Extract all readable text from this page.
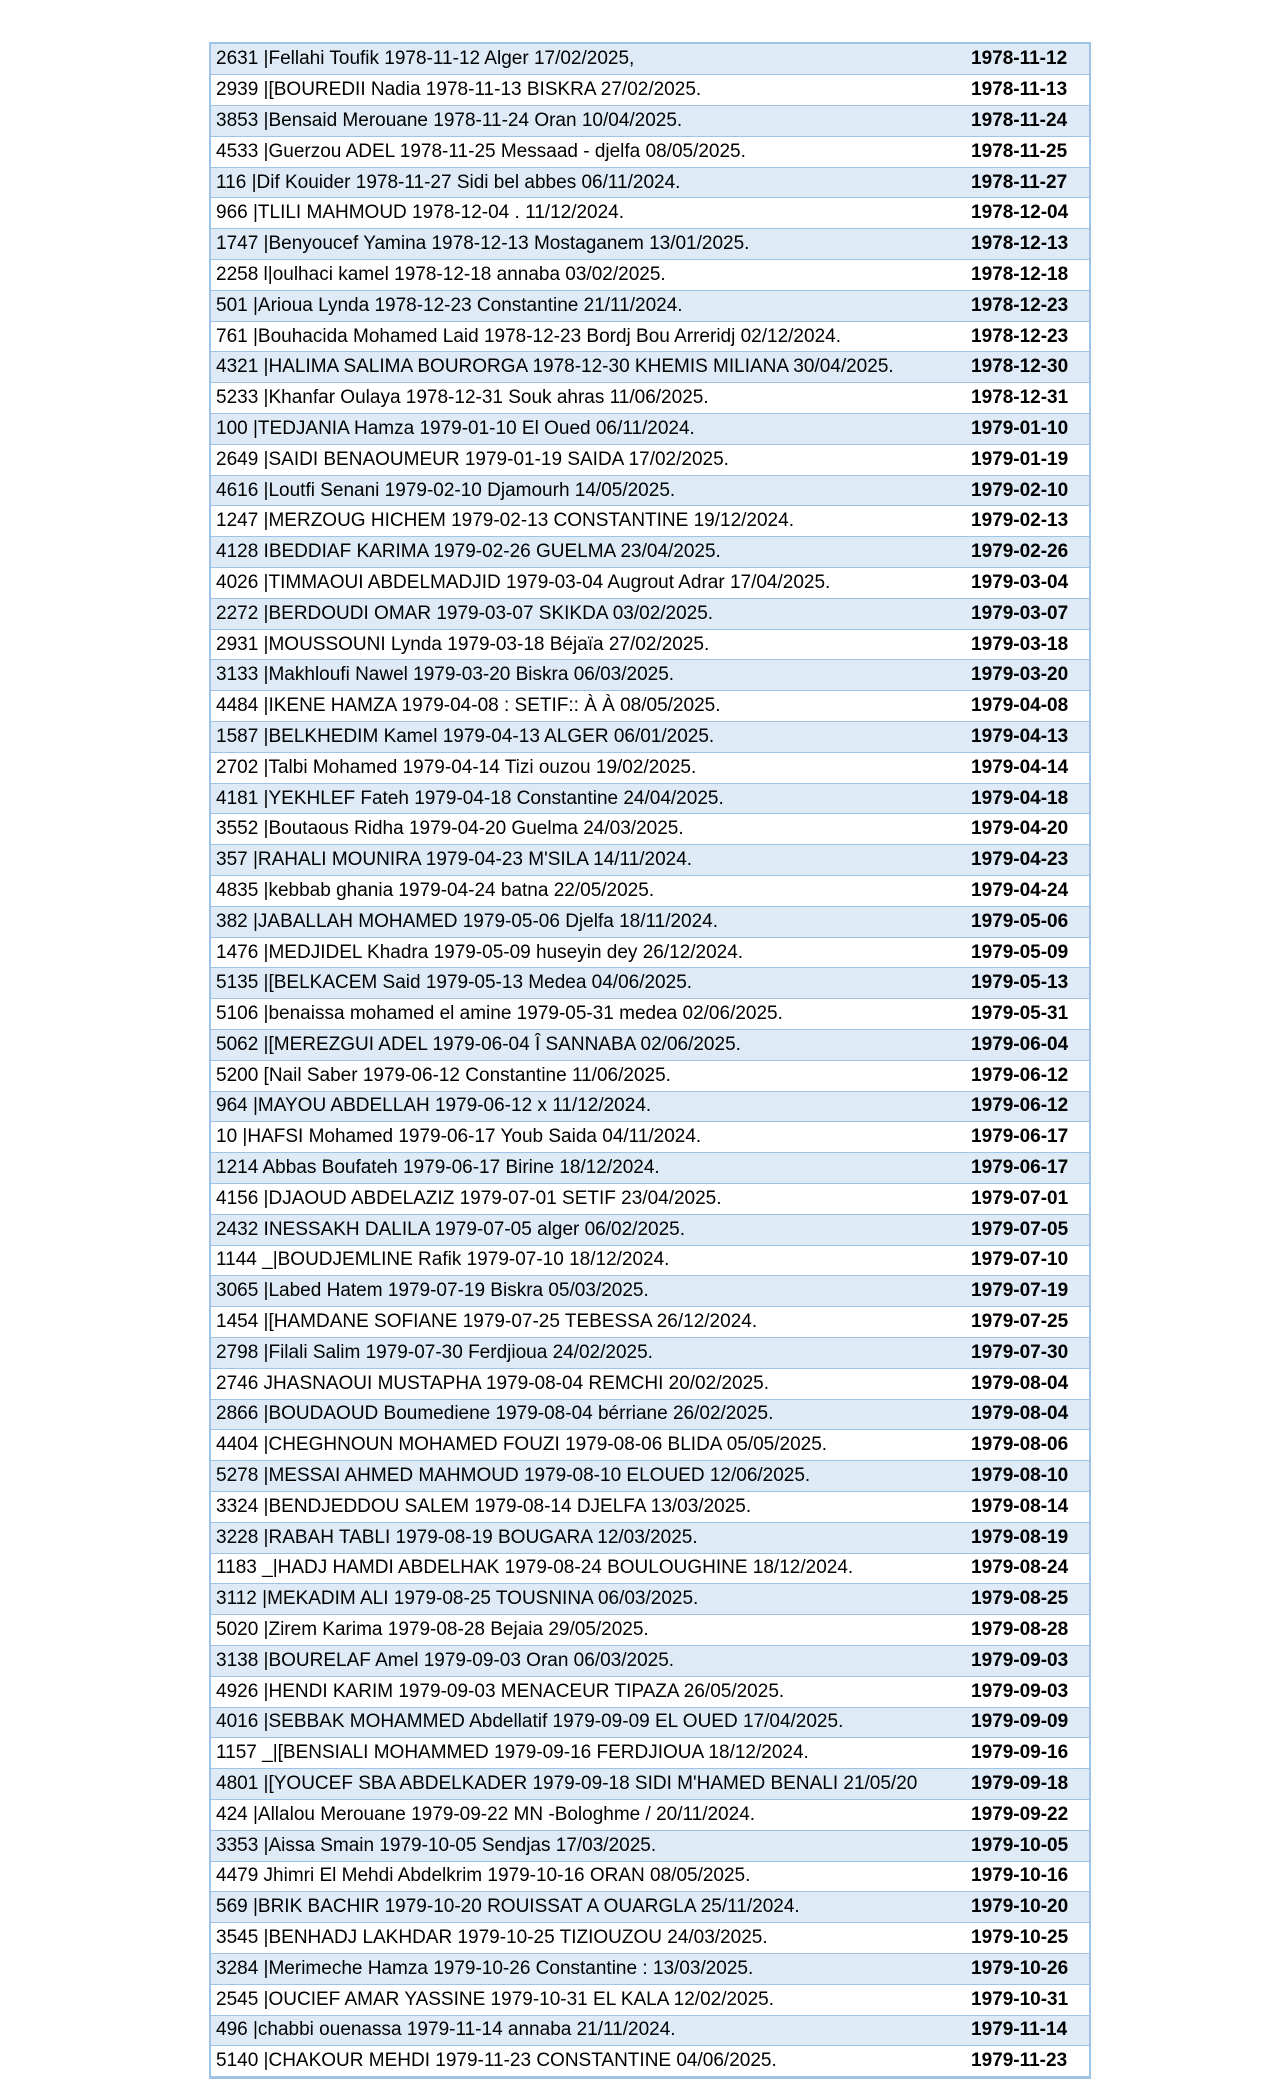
2631 |Fellahi Toufik 1978-11-12 Alger 17/02/2025,	1978-11-12
2939 |[BOUREDII Nadia 1978-11-13 BISKRA 27/02/2025.	1978-11-13
3853 |Bensaid Merouane 1978-11-24 Oran 10/04/2025.	1978-11-24
4533 |Guerzou ADEL 1978-11-25 Messaad - djelfa 08/05/2025.	1978-11-25
116 |Dif Kouider 1978-11-27 Sidi bel abbes 06/11/2024.	1978-11-27
966 |TLILI MAHMOUD 1978-12-04 . 11/12/2024.	1978-12-04
1747 |Benyoucef Yamina 1978-12-13 Mostaganem 13/01/2025.	1978-12-13
2258 l|oulhaci kamel 1978-12-18 annaba 03/02/2025.	1978-12-18
501 |Arioua Lynda 1978-12-23 Constantine 21/11/2024.	1978-12-23
761 |Bouhacida Mohamed Laid 1978-12-23 Bordj Bou Arreridj 02/12/2024.	1978-12-23
4321 |HALIMA SALIMA BOURORGA 1978-12-30 KHEMIS MILIANA 30/04/2025.	1978-12-30
5233 |Khanfar Oulaya 1978-12-31 Souk ahras 11/06/2025.	1978-12-31
100 |TEDJANIA Hamza 1979-01-10 El Oued 06/11/2024.	1979-01-10
2649 |SAIDI BENAOUMEUR 1979-01-19 SAIDA 17/02/2025.	1979-01-19
4616 |Loutfi Senani 1979-02-10 Djamourh 14/05/2025.	1979-02-10
1247 |MERZOUG HICHEM 1979-02-13 CONSTANTINE 19/12/2024.	1979-02-13
4128 IBEDDIAF KARIMA 1979-02-26 GUELMA 23/04/2025.	1979-02-26
4026 |TIMMAOUI ABDELMADJID 1979-03-04 Augrout Adrar 17/04/2025.	1979-03-04
2272 |BERDOUDI OMAR 1979-03-07 SKIKDA 03/02/2025.	1979-03-07
2931 |MOUSSOUNI Lynda 1979-03-18 Béjaïa 27/02/2025.	1979-03-18
3133 |Makhloufi Nawel 1979-03-20 Biskra 06/03/2025.	1979-03-20
4484 |IKENE HAMZA 1979-04-08 : SETIF:: À À 08/05/2025.	1979-04-08
1587 |BELKHEDIM Kamel 1979-04-13 ALGER 06/01/2025.	1979-04-13
2702 |Talbi Mohamed 1979-04-14 Tizi ouzou 19/02/2025.	1979-04-14
4181 |YEKHLEF Fateh 1979-04-18 Constantine 24/04/2025.	1979-04-18
3552 |Boutaous Ridha 1979-04-20 Guelma 24/03/2025.	1979-04-20
357 |RAHALI MOUNIRA 1979-04-23 M'SILA 14/11/2024.	1979-04-23
4835 |kebbab ghania 1979-04-24 batna 22/05/2025.	1979-04-24
382 |JABALLAH MOHAMED 1979-05-06 Djelfa 18/11/2024.	1979-05-06
1476 |MEDJIDEL Khadra 1979-05-09 huseyin dey 26/12/2024.	1979-05-09
5135 |[BELKACEM Said 1979-05-13 Medea 04/06/2025.	1979-05-13
5106 |benaissa mohamed el amine 1979-05-31 medea 02/06/2025.	1979-05-31
5062 |[MEREZGUI ADEL 1979-06-04 Î SANNABA 02/06/2025.	1979-06-04
5200 [Nail Saber 1979-06-12 Constantine 11/06/2025.	1979-06-12
964 |MAYOU ABDELLAH 1979-06-12 x 11/12/2024.	1979-06-12
10 |HAFSI Mohamed 1979-06-17 Youb Saida 04/11/2024.	1979-06-17
1214 Abbas Boufateh 1979-06-17 Birine 18/12/2024.	1979-06-17
4156 |DJAOUD ABDELAZIZ 1979-07-01 SETIF 23/04/2025.	1979-07-01
2432 INESSAKH DALILA 1979-07-05 alger 06/02/2025.	1979-07-05
1144 _|BOUDJEMLINE Rafik 1979-07-10 18/12/2024.	1979-07-10
3065 |Labed Hatem 1979-07-19 Biskra 05/03/2025.	1979-07-19
1454 |[HAMDANE SOFIANE 1979-07-25 TEBESSA 26/12/2024.	1979-07-25
2798 |Filali Salim 1979-07-30 Ferdjioua 24/02/2025.	1979-07-30
2746 JHASNAOUI MUSTAPHA 1979-08-04 REMCHI 20/02/2025.	1979-08-04
2866 |BOUDAOUD Boumediene 1979-08-04 bérriane 26/02/2025.	1979-08-04
4404 |CHEGHNOUN MOHAMED FOUZI 1979-08-06 BLIDA 05/05/2025.	1979-08-06
5278 |MESSAI AHMED MAHMOUD 1979-08-10 ELOUED 12/06/2025.	1979-08-10
3324 |BENDJEDDOU SALEM 1979-08-14 DJELFA 13/03/2025.	1979-08-14
3228 |RABAH TABLI 1979-08-19 BOUGARA 12/03/2025.	1979-08-19
1183 _|HADJ HAMDI ABDELHAK 1979-08-24 BOULOUGHINE 18/12/2024.	1979-08-24
3112 |MEKADIM ALI 1979-08-25 TOUSNINA 06/03/2025.	1979-08-25
5020 |Zirem Karima 1979-08-28 Bejaia 29/05/2025.	1979-08-28
3138 |BOURELAF Amel 1979-09-03 Oran 06/03/2025.	1979-09-03
4926 |HENDI KARIM 1979-09-03 MENACEUR TIPAZA 26/05/2025.	1979-09-03
4016 |SEBBAK MOHAMMED Abdellatif 1979-09-09 EL OUED 17/04/2025.	1979-09-09
1157 _|[BENSIALI MOHAMMED 1979-09-16 FERDJIOUA 18/12/2024.	1979-09-16
4801 |[YOUCEF SBA ABDELKADER 1979-09-18 SIDI M'HAMED BENALI 21/05/20	1979-09-18
424 |Allalou Merouane 1979-09-22 MN -Bologhme / 20/11/2024.	1979-09-22
3353 |Aissa Smain 1979-10-05 Sendjas 17/03/2025.	1979-10-05
4479 Jhimri El Mehdi Abdelkrim 1979-10-16 ORAN 08/05/2025.	1979-10-16
569 |BRIK BACHIR 1979-10-20 ROUISSAT A OUARGLA 25/11/2024.	1979-10-20
3545 |BENHADJ LAKHDAR 1979-10-25 TIZIOUZOU 24/03/2025.	1979-10-25
3284 |Merimeche Hamza 1979-10-26 Constantine : 13/03/2025.	1979-10-26
2545 |OUCIEF AMAR YASSINE 1979-10-31 EL KALA 12/02/2025.	1979-10-31
496 |chabbi ouenassa 1979-11-14 annaba 21/11/2024.	1979-11-14
5140 |CHAKOUR MEHDI 1979-11-23 CONSTANTINE 04/06/2025.	1979-11-23
